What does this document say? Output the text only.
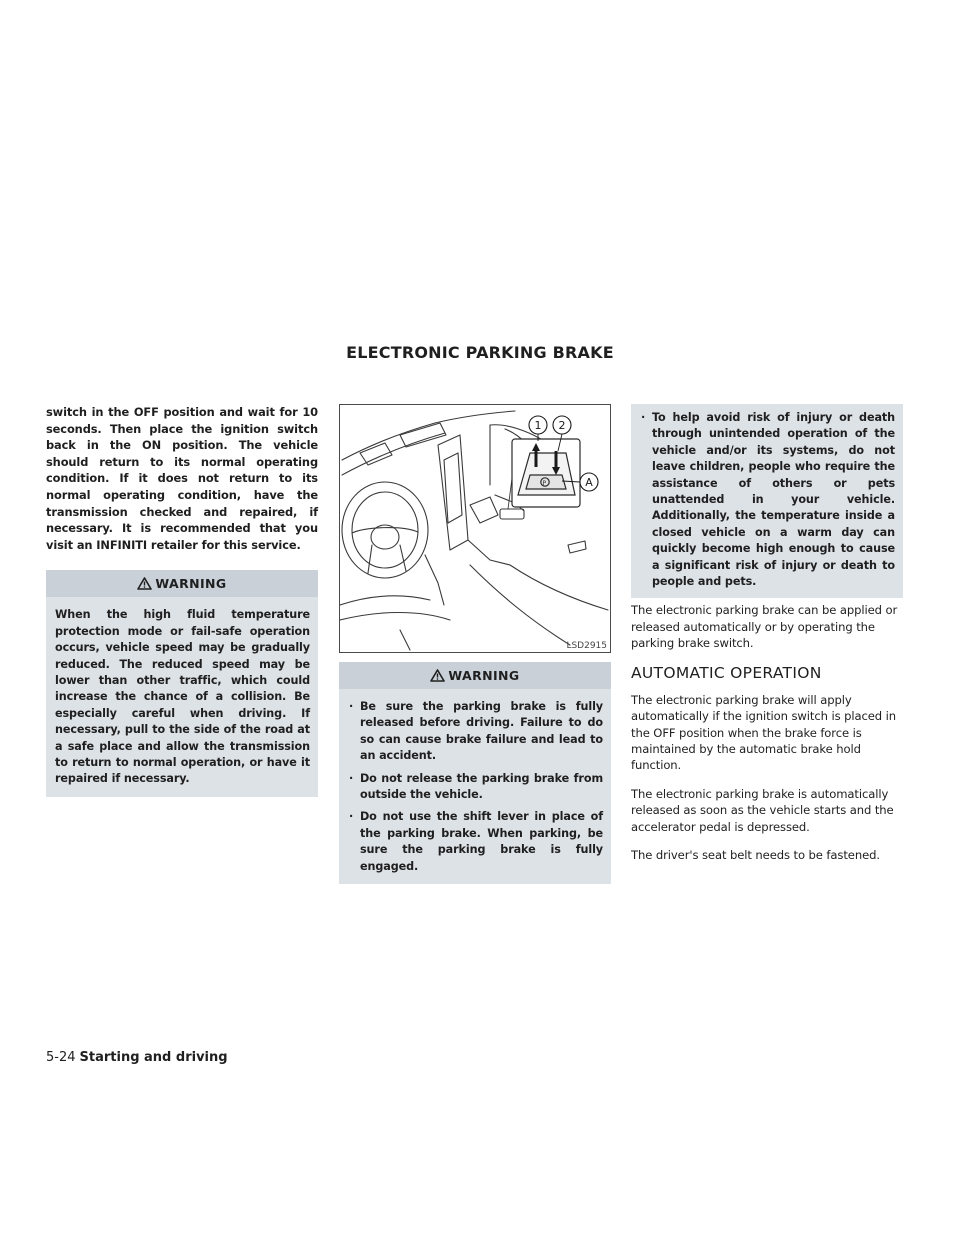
ELECTRONIC PARKING BRAKE

switch in the OFF position and wait for 10 seconds. Then place the ignition switch back in the ON position. The vehicle should return to its normal operating condition. If it does not return to its normal operating condition, have the transmission checked and repaired, if necessary. It is recommended that you visit an INFINITI retailer for this service.

WARNING

When the high fluid temperature protection mode or fail-safe operation occurs, vehicle speed may be gradually reduced. The reduced speed may be lower than other traffic, which could increase the chance of a collision. Be especially careful when driving. If necessary, pull to the side of the road at a safe place and allow the transmission to return to normal operation, or have it repaired if necessary.

P
1 2
A
LSD2915
WARNING
· Be sure the parking brake is fully released before driving. Failure to do so can cause brake failure and lead to an accident.
· Do not release the parking brake from outside the vehicle.
· Do not use the shift lever in place of the parking brake. When parking, be sure the parking brake is fully engaged.
· To help avoid risk of injury or death through unintended operation of the vehicle and/or its systems, do not leave children, people who require the assistance of others or pets unattended in your vehicle. Additionally, the temperature inside a closed vehicle on a warm day can quickly become high enough to cause a significant risk of injury or death to people and pets.

The electronic parking brake can be applied or released automatically or by operating the parking brake switch.

AUTOMATIC OPERATION

The electronic parking brake will apply automatically if the ignition switch is placed in the OFF position when the brake force is maintained by the automatic brake hold function.

The electronic parking brake is automatically released as soon as the vehicle starts and the accelerator pedal is depressed.

The driver's seat belt needs to be fastened.

5-24 Starting and driving
